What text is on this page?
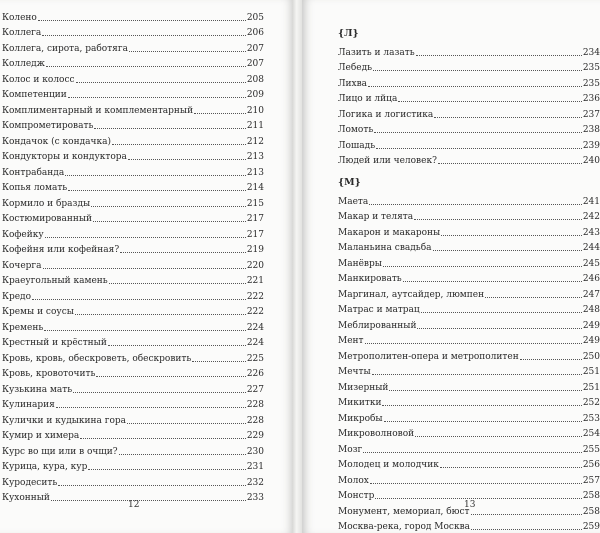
Колено	205
Коллега	206
Коллега, сирота, работяга	207
Колледж	207
Колос и колосс	208
Компетенции	209
Комплиментарный и комплементарный	210
Компрометировать	211
Кондачок (с кондачка)	212
Кондукторы и кондуктора	213
Контрабанда	213
Копья ломать	214
Кормило и бразды	215
Костюмированный	217
Кофейку	217
Кофейня или кофейная?	219
Кочерга	220
Краеугольный камень	221
Кредо	222
Кремы и соусы	222
Кремень	224
Крестный и крёстный	224
Кровь, кровь, обескроветь, обескровить	225
Кровь, кровоточить	226
Кузькина мать	227
Кулинария	228
Кулички и кудыкина гора	228
Кумир и химера	229
Курс во щи или в очщи?	230
Курица, кура, кур	231
Куродесить	232
Кухонный	233
12
{Л}
Лазить и лазать	234
Лебедь	235
Лихва	235
Лицо и лйца	236
Логика и логистика	237
Ломоть	238
Лошадь	239
Людей или человек?	240
{М}
Маета	241
Макар и телята	242
Макарон и макароны	243
Маланьина свадьба	244
Манёвры	245
Манкировать	246
Маргинал, аутсайдер, люмпен	247
Матрас и матрац	248
Меблированный	249
Мент	249
Метрополитен-опера и метрополитен	250
Мечты	251
Мизерный	251
Микитки	252
Микробы	253
Микроволновой	254
Мозг	255
Молодец и молодчик	256
Молох	257
Монстр	258
Монумент, мемориал, бюст	258
Москва-река, город Москва	259
13
